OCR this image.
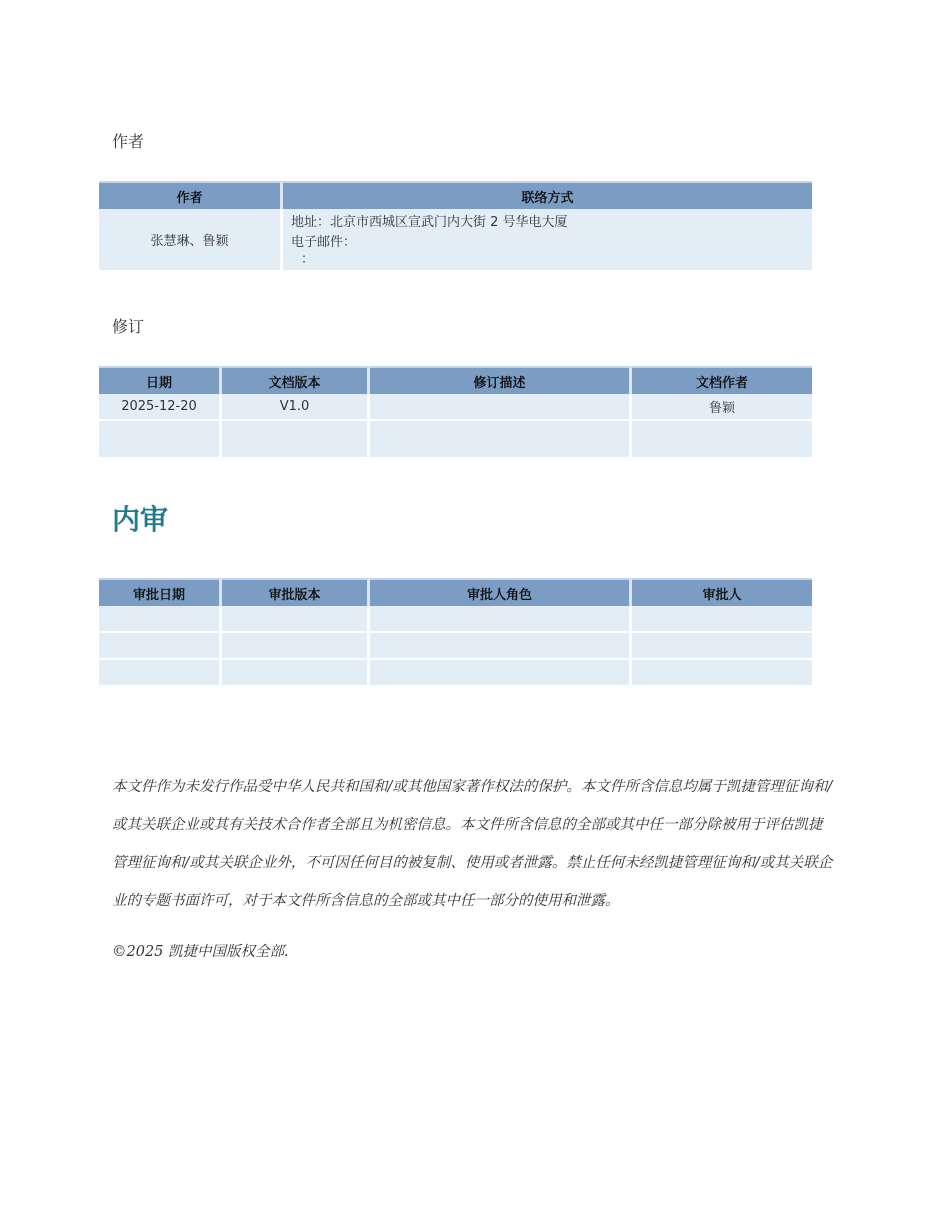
作者
作者	联络方式
张慧琳、鲁颖	地址：北京市西城区宣武门内大街 2 号华电大厦
电子邮件：
：
修订
日期	文档版本	修订描述	文档作者
2025-12-20	V1.0		鲁颖

内审
审批日期	审批版本	审批人角色	审批人

本文件作为未发行作品受中华人民共和国和/或其他国家著作权法的保护。本文件所含信息均属于凯捷管理征询和/或其关联企业或其有关技术合作者全部且为机密信息。本文件所含信息的全部或其中任一部分除被用于评估凯捷管理征询和/或其关联企业外，不可因任何目的被复制、使用或者泄露。禁止任何未经凯捷管理征询和/或其关联企业的专题书面许可，对于本文件所含信息的全部或其中任一部分的使用和泄露。
©2025 凯捷中国版权全部.
